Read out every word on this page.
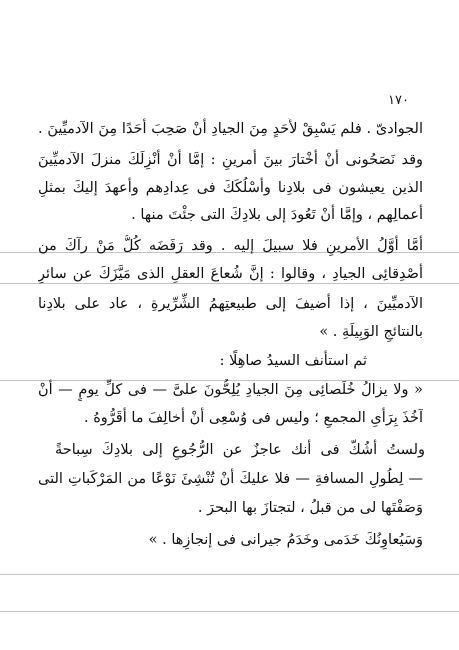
١٧٠
الجوادىّ . فلم يَسْبِقْ لأَحَدٍ مِنَ الجيادِ أَنْ صَحِبَ أَحَدًا مِنَ الآدميِّينَ .
وقد نَصَحُونى أَنْ أَخْتارَ بينَ أمرينِ : إمَّا أَنْ أَنْزِلَكَ منزلَ الآدميِّينَ
الذين يعيشون فى بلادِنا وأَسْلُكَكَ فى عِدادِهم وأُعهدَ إليكَ بمثلِ
أعمالِهم ، وإمَّا أَنْ تَعُودَ إلى بلادِكَ التى جئْتَ منها .
أمَّا أَوَّلُ الأمرينِ فلا سبيلَ إليه . وقد رَفَضَه كُلُّ مَنْ رآكَ من
أصْدِقائِى الجيادِ ، وقالوا : إنَّ شُعاعَ العقلِ الذى مَيَّزَكَ عن سائرِ
الآدميِّينَ ، إذا أُضيفَ إلى طبيعتِهمُ الشِّرِّيرةِ ، عاد على بلادِنا
بالنتائجِ الوَبِيلَةِ . »
ثم استأنف السيدُ صاهِلًا :
« ولا يزالُ خُلَصائِى مِنَ الجيادِ يُلِحُّونَ علىَّ — فى كلِّ يومٍ — أَنْ
آخُذَ بِرَأْىِ المجمعِ ؛ وليس فى وُسْعِى أَنْ أُخالِفَ ما أَقَرُّوهُ .
ولستُ أَشُكُّ فى أنك عاجزٌ عن الرُّجُوعِ إلى بلادِكَ سِباحةً
— لِطُولِ المسافةِ — فلا عليكَ أنْ تُنْشِئَ نَوْعًا من المَرْكَباتِ التى
وَصَفْتَها لى من قبلُ ، لتجتازَ بها البحرَ .
وَسَيُعاوِنُكَ خَدَمى وخَدَمُ جيرانى فى إنجازِها . »
